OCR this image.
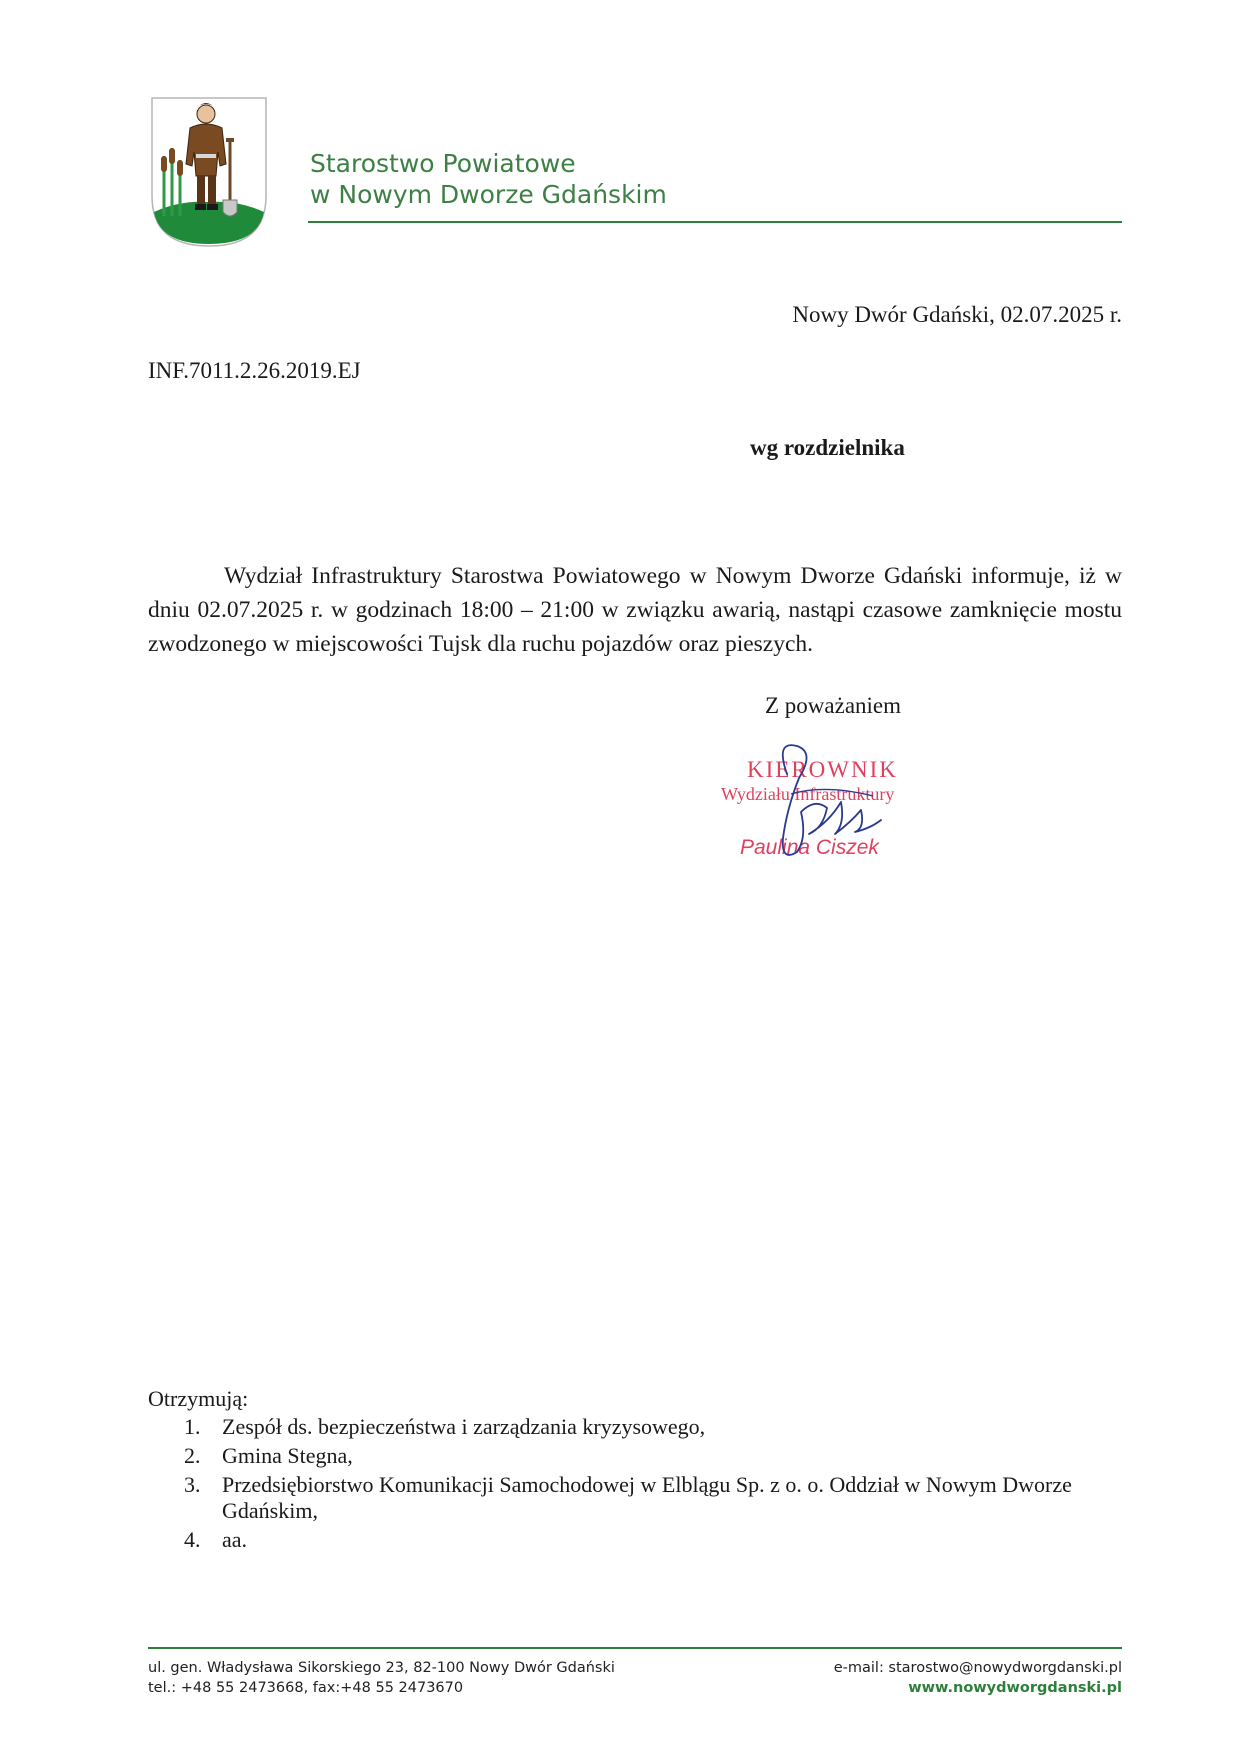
Starostwo Powiatowe
w Nowym Dworze Gdańskim
Nowy Dwór Gdański, 02.07.2025 r.
INF.7011.2.26.2019.EJ
wg rozdzielnika

Wydział Infrastruktury Starostwa Powiatowego w Nowym Dworze Gdański informuje, iż w dniu 02.07.2025 r. w godzinach 18:00 – 21:00 w związku awarią, nastąpi czasowe zamknięcie mostu zwodzonego w miejscowości Tujsk dla ruchu pojazdów oraz pieszych.

Z poważaniem
KIEROWNIK
Wydziału Infrastruktury
Paulina Ciszek
Otrzymują:
1. Zespół ds. bezpieczeństwa i zarządzania kryzysowego,
2. Gmina Stegna,
3. Przedsiębiorstwo Komunikacji Samochodowej w Elblągu Sp. z o. o. Oddział w Nowym Dworze Gdańskim,
4. aa.
ul. gen. Władysława Sikorskiego 23, 82-100 Nowy Dwór Gdański
tel.: +48 55 2473668, fax:+48 55 2473670
e-mail: starostwo@nowydworgdanski.pl
www.nowydworgdanski.pl
